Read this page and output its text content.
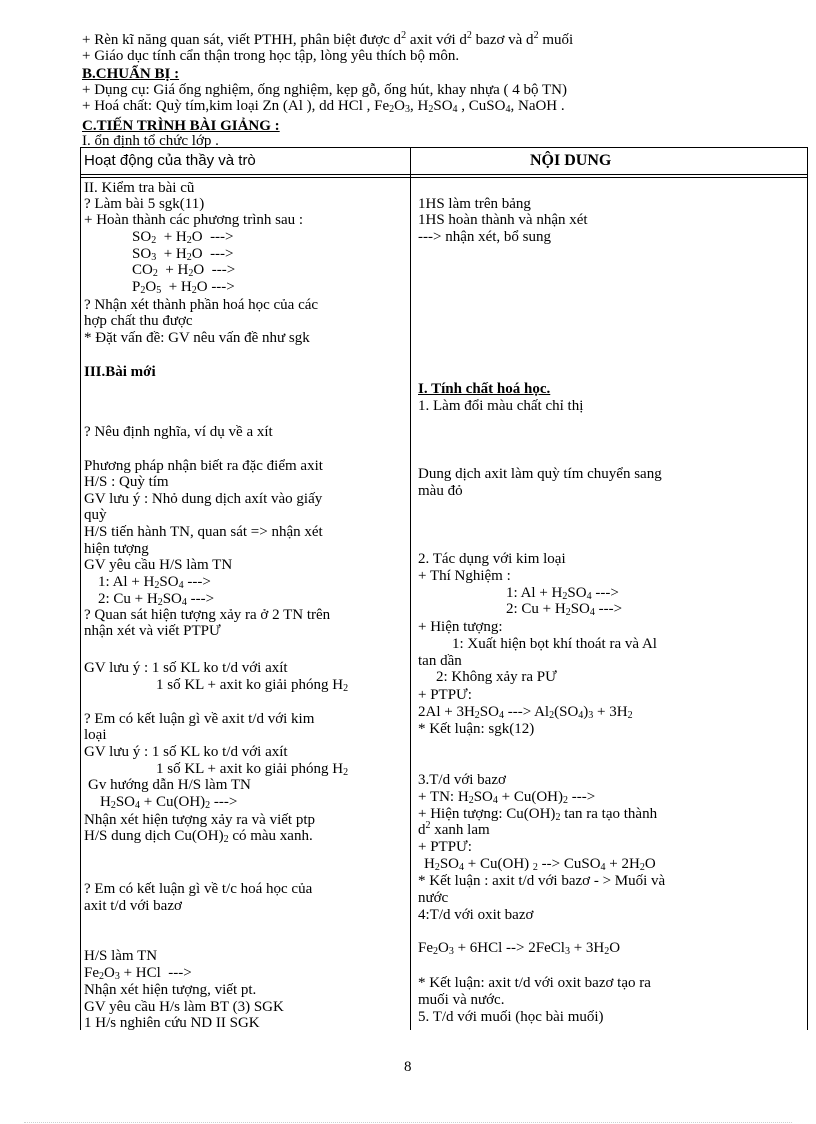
+ Rèn kĩ năng quan sát, viết PTHH, phân biệt được $d^2$ axit với $d^2$ bazơ và $d^2$ muối
+ Giáo dục tính cẩn thận trong học tập, lòng yêu thích bộ môn.
B.CHUẨN BỊ :
+ Dụng cụ: Giá ống nghiệm, ống nghiệm, kẹp gỗ, ống hút, khay nhựa ( 4 bộ TN)
+ Hoá chất: Quỳ tím,kim loại Zn (Al ), dd HCl , $Fe_2O_3$, $H_2SO_4$ , CuSO$_4$, NaOH .
C.TIẾN TRÌNH BÀI GIẢNG :
I. ổn định tổ chức lớp .
Hoạt động của thầy và trò	NỘI DUNG
II. Kiểm tra bài cũ
? Làm bài 5 sgk(11)
+ Hoàn thành các phương trình sau :
$SO_2 + H_2O$  --->
$SO_3 + H_2O$  --->
$CO_2 + H_2O$  --->
$P_2O_5 + H_2O$ --->
? Nhận xét thành phần hoá học của các
hợp chất thu được
* Đặt vấn đề: GV nêu vấn đề như sgk
III.Bài mới
? Nêu định nghĩa, ví dụ về a xít
Phương pháp nhận biết ra đặc điểm axit
H/S : Quỳ tím
GV lưu ý : Nhỏ dung dịch axít vào giấy
quỳ
H/S tiến hành TN, quan sát => nhận xét
hiện tượng
GV yêu cầu H/S làm TN
1: $Al + H_2SO_4$ --->
2: $Cu + H_2SO_4$ --->
? Quan sát hiện tượng xảy ra ở 2 TN trên
nhận xét và viết PTPƯ
GV lưu ý : 1 số KL ko t/d với axít
1 số KL + axit ko giải phóng $H_2$
? Em có kết luận gì về axit t/d với kim
loại
GV lưu ý : 1 số KL ko t/d với axít
1 số KL + axit ko giải phóng $H_2$
Gv hướng dẫn H/S làm TN
$H_2SO_4 + Cu(OH)_2$ --->
Nhận xét hiện tượng xảy ra và viết ptp
H/S dung dịch $Cu(OH)_2$ có màu xanh.
? Em có kết luận gì về t/c hoá học của
axit t/d với bazơ
H/S làm TN
$Fe_2O_3$ + HCl  --->
Nhận xét hiện tượng, viết pt.
GV yêu cầu H/s làm BT (3) SGK
1 H/s nghiên cứu ND II SGK
1HS làm trên bảng
1HS hoàn thành và nhận xét
---> nhận xét, bổ sung
I. Tính chất hoá học.
1. Làm đổi màu chất chỉ thị
Dung dịch axit làm quỳ tím chuyển sang
màu đỏ
2. Tác dụng với kim loại
+ Thí Nghiệm :
1: $Al + H_2SO_4$ --->
2: $Cu + H_2SO_4$ --->
+ Hiện tượng:
1: Xuất hiện bọt khí thoát ra và Al
tan dần
2: Không xảy ra PƯ
+ PTPƯ:
$2Al + 3H_2SO_4$ ---> $Al_2(SO_4)_3 + 3H_2$
* Kết luận: sgk(12)
3.T/d với bazơ
+ TN: $H_2SO_4 + Cu(OH)_2$ --->
+ Hiện tượng: $Cu(OH)_2$ tan ra tạo thành
$d^2$ xanh lam
+ PTPƯ:
$H_2SO_4 + Cu(OH)$ $_2$ --> CuSO$_4$ + $2H_2O$
* Kết luận : axit t/d với bazơ - > Muối và
nước
4:T/d với oxit bazơ
$Fe_2O_3 + 6HCl$ --> 2FeCl$_3$ + $3H_2O$
* Kết luận: axit t/d với oxit bazơ tạo ra
muối và nước.
5. T/d với muối (học bài muối)
8
